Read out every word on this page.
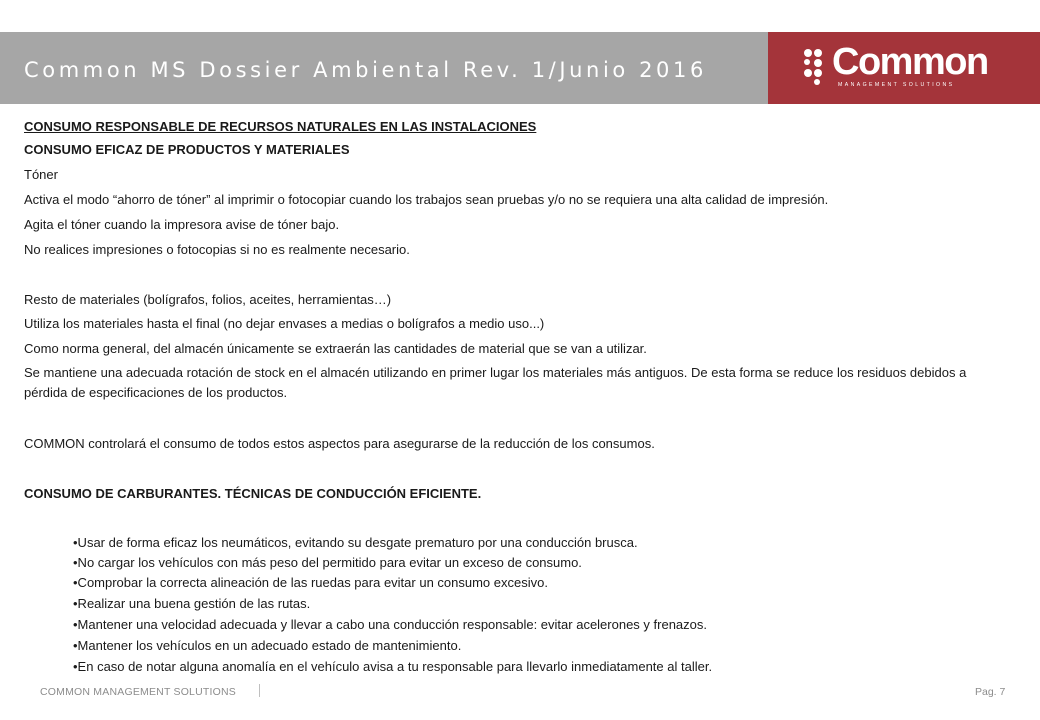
Common MS Dossier Ambiental Rev. 1/Junio 2016	Common
MANAGEMENT SOLUTIONS
CONSUMO RESPONSABLE DE RECURSOS NATURALES EN LAS INSTALACIONES
CONSUMO EFICAZ DE PRODUCTOS Y MATERIALES
Tóner
Activa el modo “ahorro de tóner” al imprimir o fotocopiar cuando los trabajos sean pruebas y/o no se requiera una alta calidad de impresión.
Agita el tóner cuando la impresora avise de tóner bajo.
No realices impresiones o fotocopias si no es realmente necesario.
Resto de materiales (bolígrafos, folios, aceites, herramientas…)
Utiliza los materiales hasta el final (no dejar envases a medias o bolígrafos a medio uso...)
Como norma general, del almacén únicamente se extraerán las cantidades de material que se van a utilizar.
Se mantiene una adecuada rotación de stock en el almacén utilizando en primer lugar los materiales más antiguos. De esta forma se reduce los residuos debidos a pérdida de especificaciones de los productos.
COMMON controlará el consumo de todos estos aspectos para asegurarse de la reducción de los consumos.
CONSUMO DE CARBURANTES. TÉCNICAS DE CONDUCCIÓN EFICIENTE.
•Usar de forma eficaz los neumáticos, evitando su desgate prematuro por una conducción brusca.
•No cargar los vehículos con más peso del permitido para evitar un exceso de consumo.
•Comprobar la correcta alineación de las ruedas para evitar un consumo excesivo.
•Realizar una buena gestión de las rutas.
•Mantener una velocidad adecuada y llevar a cabo una conducción responsable: evitar acelerones y frenazos.
•Mantener los vehículos en un adecuado estado de mantenimiento.
•En caso de notar alguna anomalía en el vehículo avisa a tu responsable para llevarlo inmediatamente al taller.
COMMON MANAGEMENT SOLUTIONS	Pag. 7
